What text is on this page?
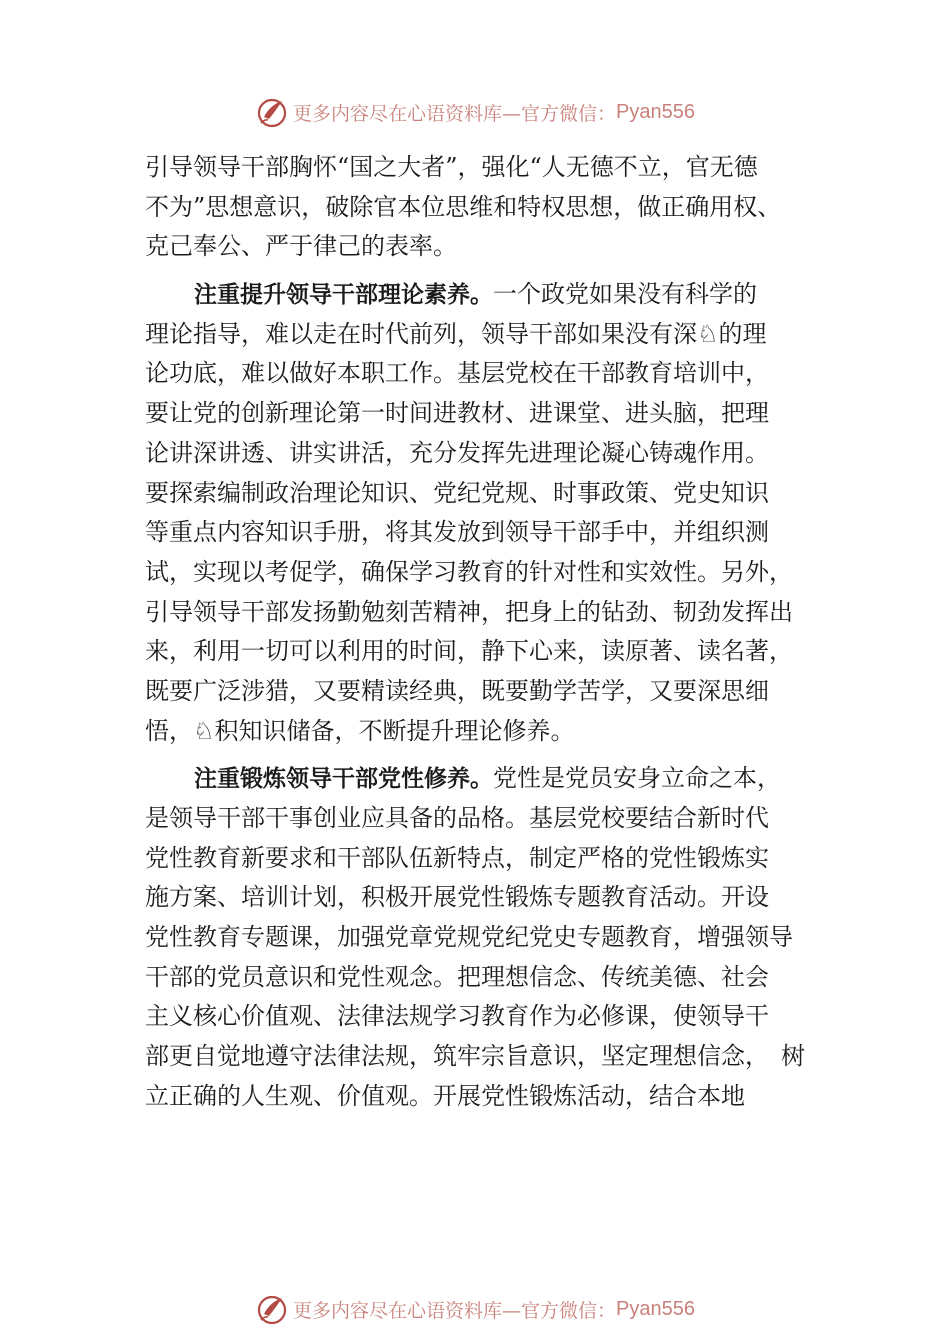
更多内容尽在心语资料库—官方微信： Pyan556
引导领导干部胸怀“国之大者”，强化“人无德不立，官无德
不为”思想意识，破除官本位思维和特权思想，做正确用权、
克己奉公、严于律己的表率。
注重提升领导干部理论素养。一个政党如果没有科学的
理论指导，难以走在时代前列，领导干部如果没有深♘的理
论功底，难以做好本职工作。基层党校在干部教育培训中，
要让党的创新理论第一时间进教材、进课堂、进头脑，把理
论讲深讲透、讲实讲活，充分发挥先进理论凝心铸魂作用。
要探索编制政治理论知识、党纪党规、时事政策、党史知识
等重点内容知识手册，将其发放到领导干部手中，并组织测
试，实现以考促学，确保学习教育的针对性和实效性。另外，
引导领导干部发扬勤勉刻苦精神，把身上的钻劲、韧劲发挥出
来，利用一切可以利用的时间，静下心来，读原著、读名著，
既要广泛涉猎，又要精读经典，既要勤学苦学，又要深思细
悟，♘积知识储备，不断提升理论修养。
注重锻炼领导干部党性修养。党性是党员安身立命之本，
是领导干部干事创业应具备的品格。基层党校要结合新时代
党性教育新要求和干部队伍新特点，制定严格的党性锻炼实
施方案、培训计划，积极开展党性锻炼专题教育活动。开设
党性教育专题课，加强党章党规党纪党史专题教育，增强领导
干部的党员意识和党性观念。把理想信念、传统美德、社会
主义核心价值观、法律法规学习教育作为必修课，使领导干
部更自觉地遵守法律法规，筑牢宗旨意识，坚定理想信念，　树
立正确的人生观、价值观。开展党性锻炼活动，结合本地
更多内容尽在心语资料库—官方微信： Pyan556
